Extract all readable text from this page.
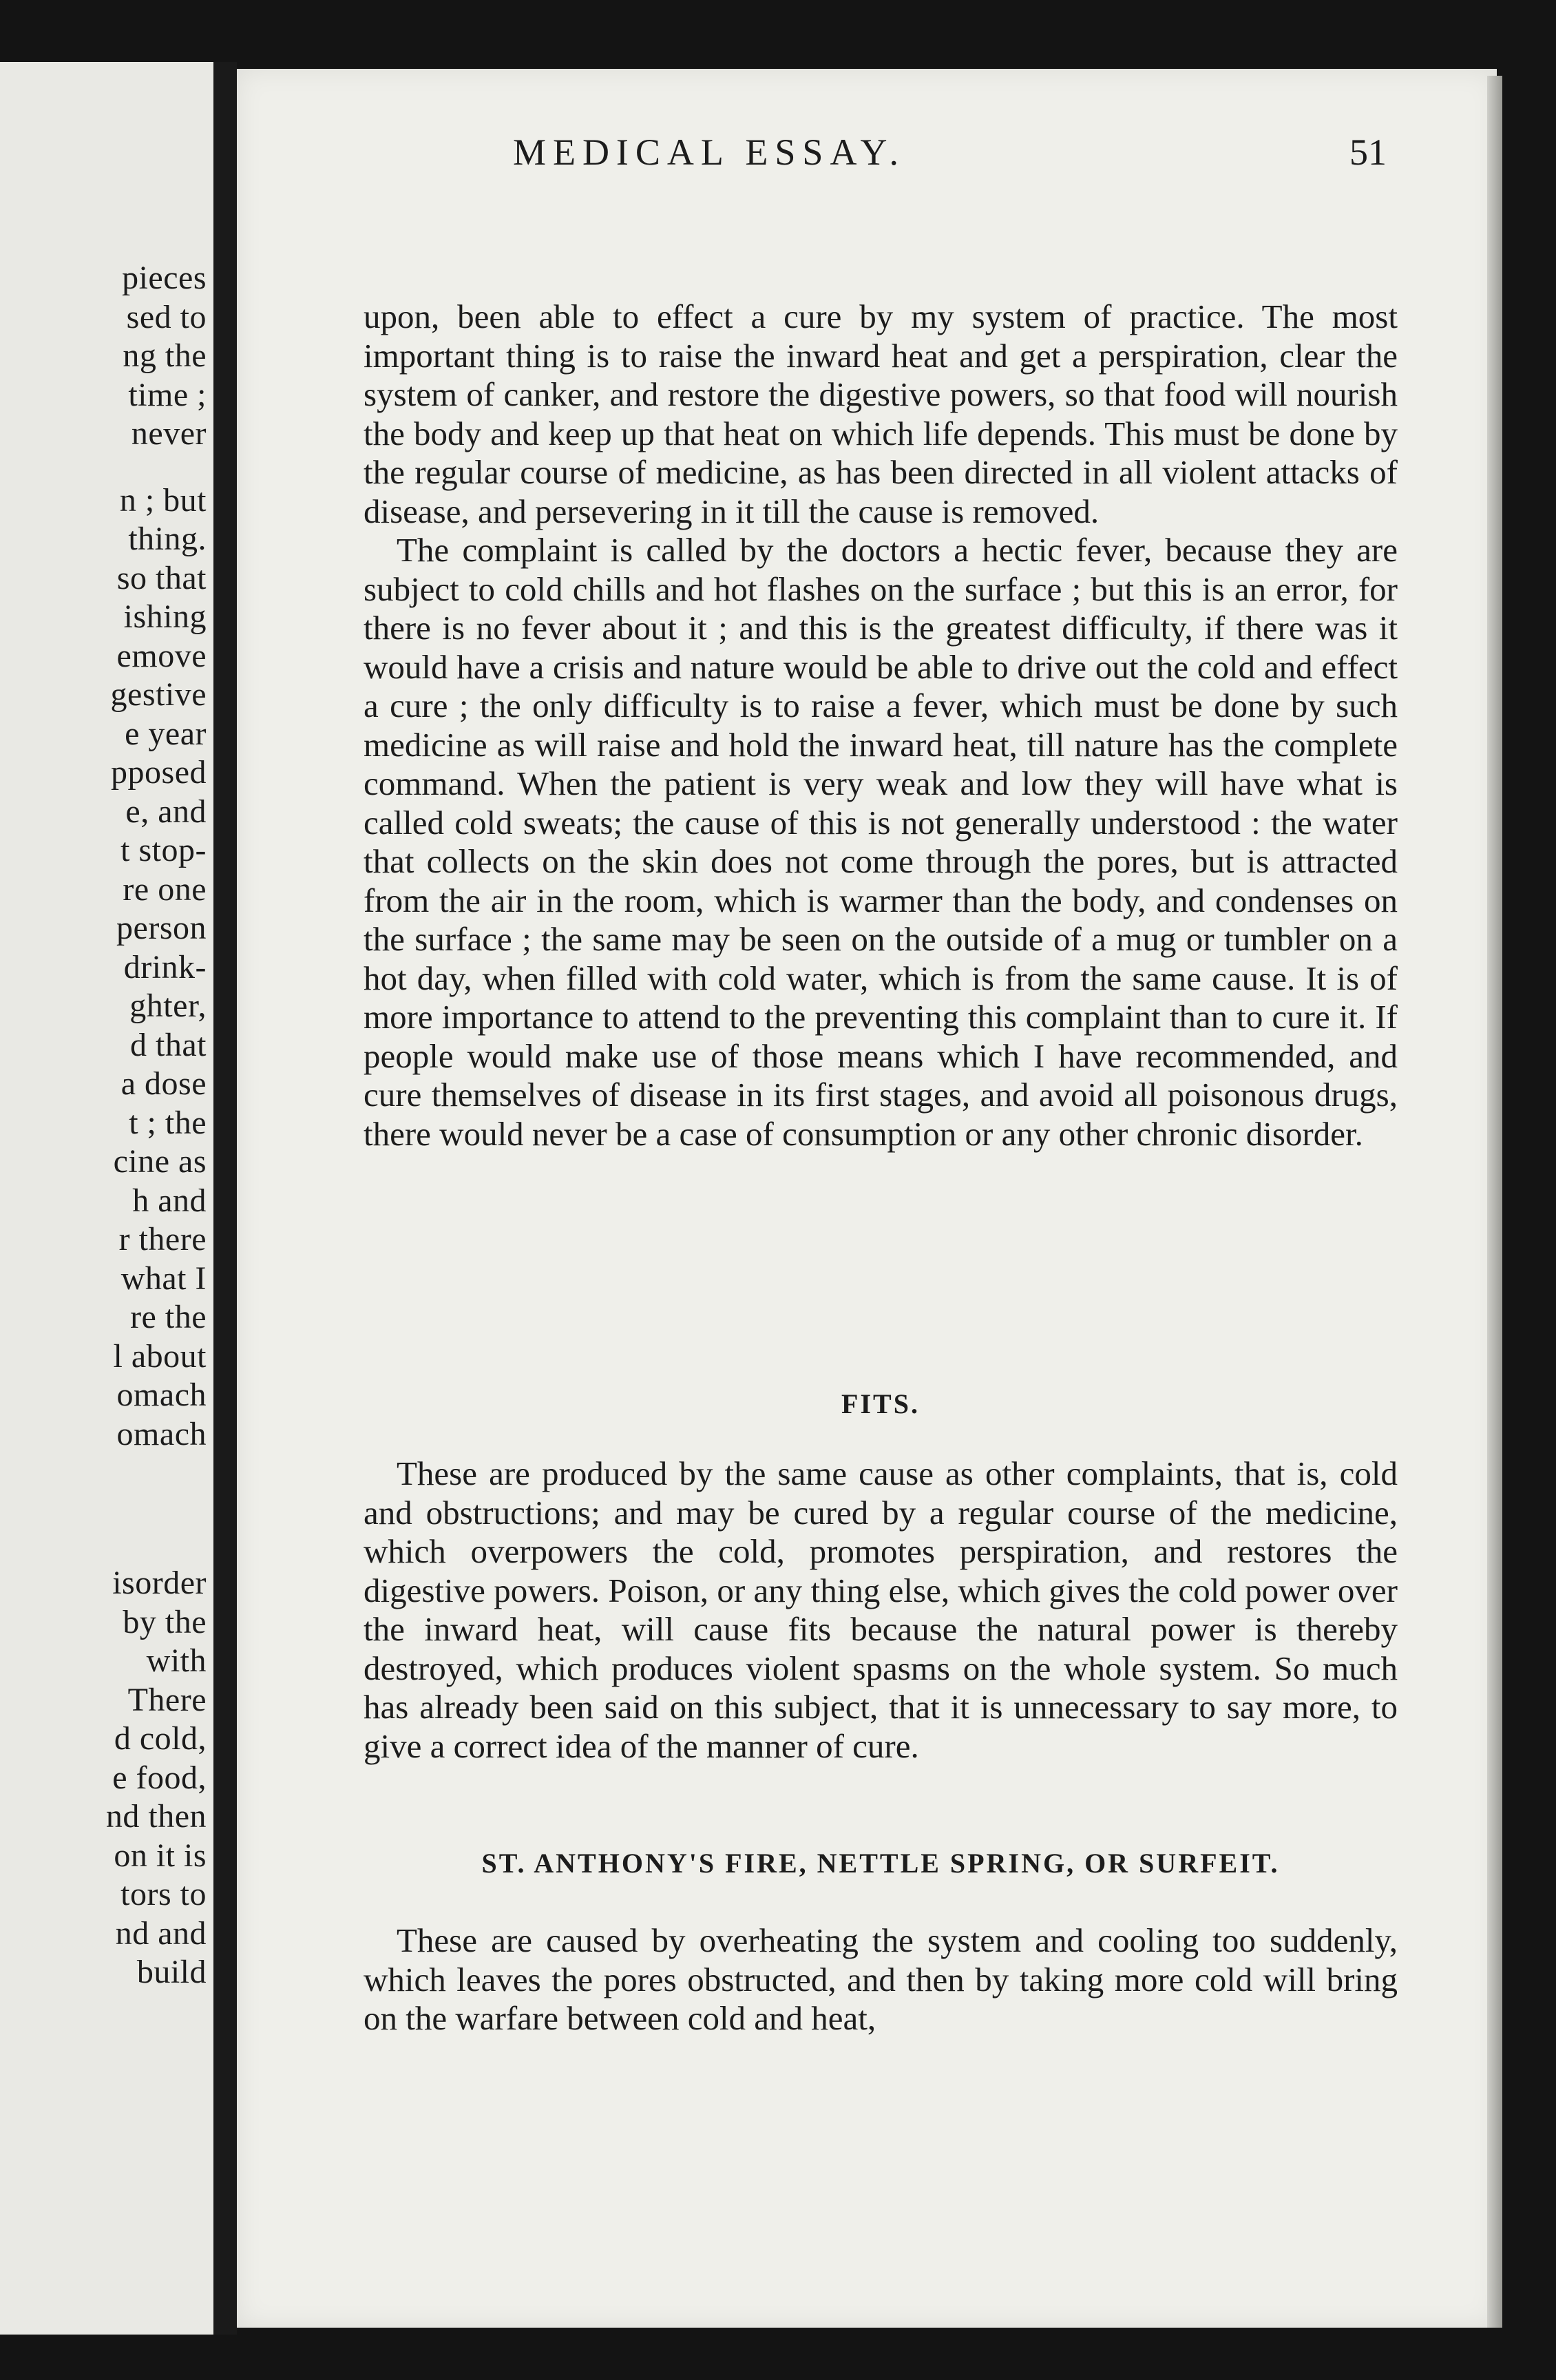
pieces
sed to
ng the
time ;
never
n ; but
thing.
so that
ishing
emove
gestive
e year
pposed
e, and
t stop-
re one
person
drink-
ghter,
d that
a dose
t ; the
cine as
h and
r there
what I
re the
l about
omach
omach
isorder
by the
with
There
d cold,
e food,
nd then
on it is
tors to
nd and
build
MEDICAL ESSAY.	51

upon, been able to effect a cure by my system of practice. The most important thing is to raise the inward heat and get a perspiration, clear the system of canker, and restore the digestive powers, so that food will nourish the body and keep up that heat on which life depends. This must be done by the regular course of medicine, as has been directed in all violent attacks of disease, and persevering in it till the cause is removed.

The complaint is called by the doctors a hectic fever, because they are subject to cold chills and hot flashes on the surface ; but this is an error, for there is no fever about it ; and this is the greatest difficulty, if there was it would have a crisis and nature would be able to drive out the cold and effect a cure ; the only difficulty is to raise a fever, which must be done by such medicine as will raise and hold the inward heat, till nature has the complete command. When the patient is very weak and low they will have what is called cold sweats; the cause of this is not generally understood : the water that collects on the skin does not come through the pores, but is attracted from the air in the room, which is warmer than the body, and condenses on the surface ; the same may be seen on the outside of a mug or tumbler on a hot day, when filled with cold water, which is from the same cause. It is of more importance to attend to the preventing this complaint than to cure it. If people would make use of those means which I have recommended, and cure themselves of disease in its first stages, and avoid all poisonous drugs, there would never be a case of consumption or any other chronic disorder.

FITS.

These are produced by the same cause as other complaints, that is, cold and obstructions; and may be cured by a regular course of the medicine, which overpowers the cold, promotes perspiration, and restores the digestive powers. Poison, or any thing else, which gives the cold power over the inward heat, will cause fits because the natural power is thereby destroyed, which produces violent spasms on the whole system. So much has already been said on this subject, that it is unnecessary to say more, to give a correct idea of the manner of cure.

ST. ANTHONY'S FIRE, NETTLE SPRING, OR SURFEIT.

These are caused by overheating the system and cooling too suddenly, which leaves the pores obstructed, and then by taking more cold will bring on the warfare between cold and heat,
